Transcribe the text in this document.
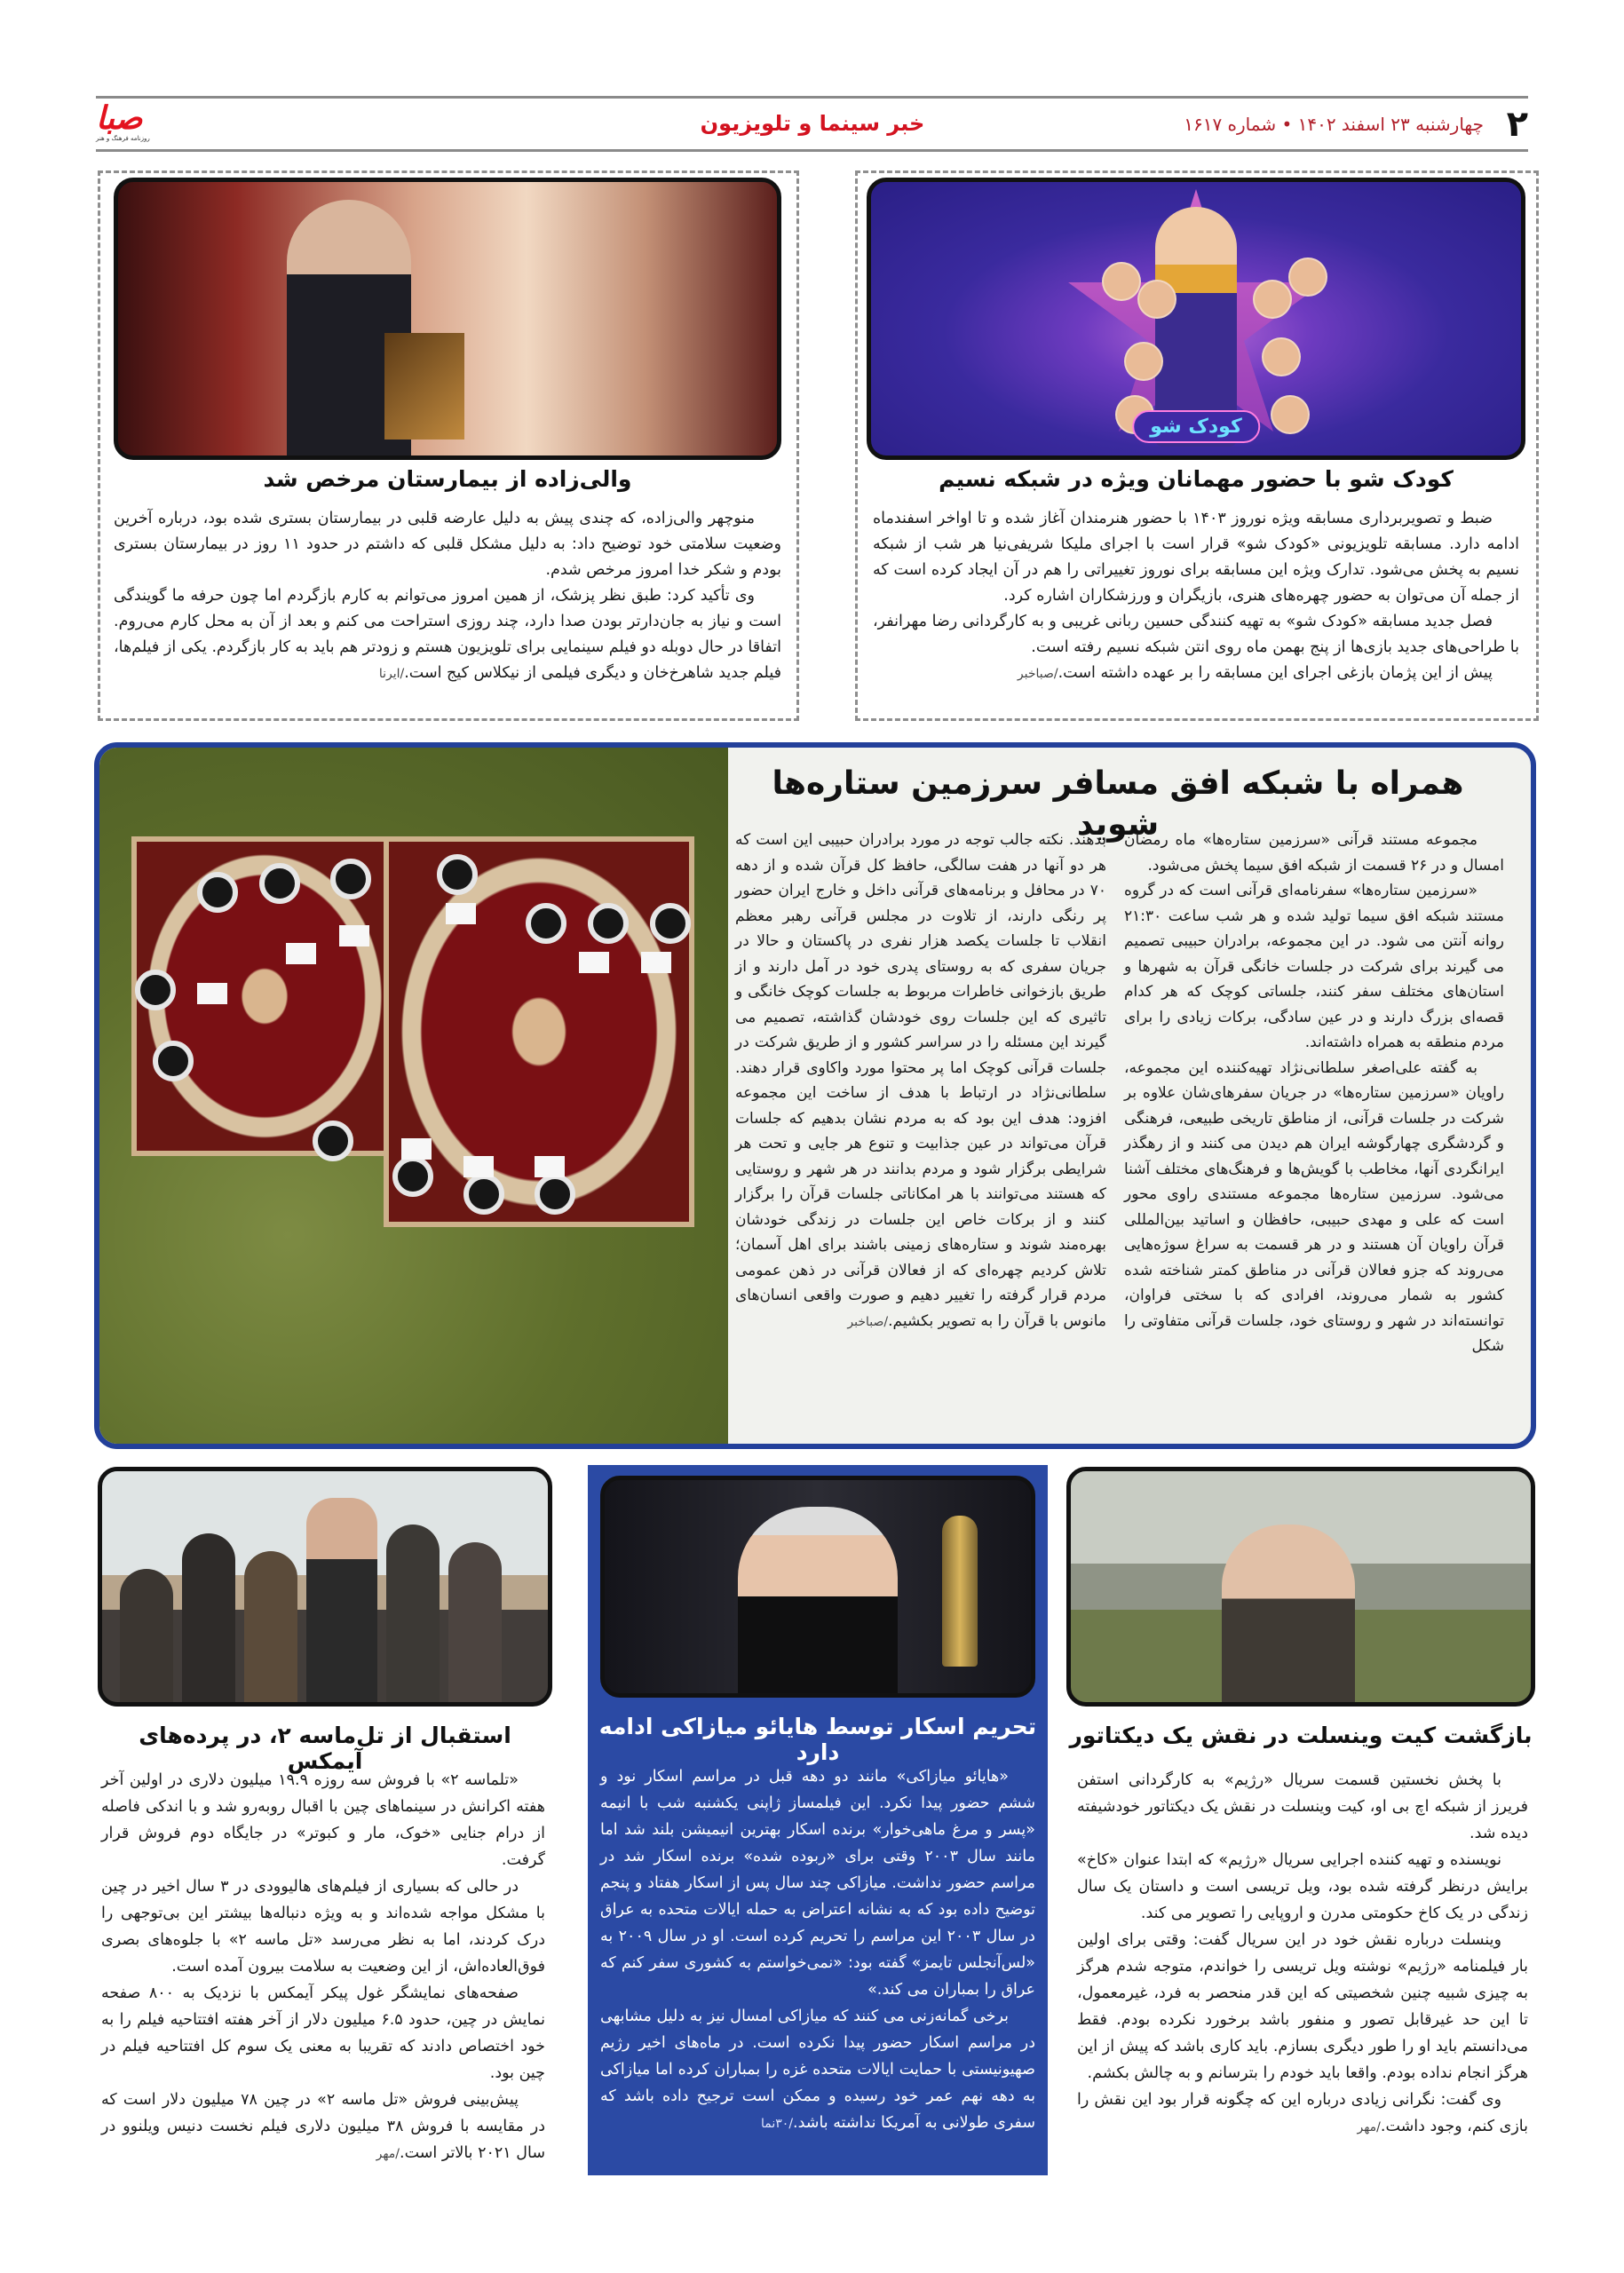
۲
چهارشنبه ۲۳ اسفند ۱۴۰۲ • شماره ۱۶۱۷
خبر سینما و تلویزیون
صبا
روزنامه فرهنگ و هنر
کودک شو
کودک شو با حضور مهمانان ویژه در شبکه نسیم

ضبط و تصویربرداری مسابقه ویژه نوروز ۱۴۰۳ با حضور هنرمندان آغاز شده و تا اواخر اسفندماه ادامه دارد. مسابقه تلویزیونی «کودک شو» قرار است با اجرای ملیکا شریفی‌نیا هر شب از شبکه نسیم به پخش می‌شود. تدارک ویژه این مسابقه برای نوروز تغییراتی را هم در آن ایجاد کرده است که از جمله آن می‌توان به حضور چهره‌های هنری، بازیگران و ورزشکاران اشاره کرد.

فصل جدید مسابقه «کودک شو» به تهیه کنندگی حسین ربانی غریبی و به کارگردانی رضا مهرانفر، با طراحی‌های جدید بازی‌ها از پنج بهمن ماه روی انتن شبکه نسیم رفته است.

پیش از این پژمان بازغی اجرای این مسابقه را بر عهده داشته است./صباخبر

والی‌زاده از بیمارستان مرخص شد

منوچهر والی‌زاده، که چندی پیش به دلیل عارضه قلبی در بیمارستان بستری شده بود، درباره آخرین وضعیت سلامتی خود توضیح داد: به دلیل مشکل قلبی که داشتم در حدود ۱۱ روز در بیمارستان بستری بودم و شکر خدا امروز مرخص شدم.

وی تأکید کرد: طبق نظر پزشک، از همین امروز می‌توانم به کارم بازگردم اما چون حرفه ما گویندگی است و نیاز به جان‌دارتر بودن صدا دارد، چند روزی استراحت می کنم و بعد از آن به محل کارم می‌روم. اتفاقا در حال دوبله دو فیلم سینمایی برای تلویزیون هستم و زودتر هم باید به کار بازگردم. یکی از فیلم‌ها، فیلم جدید شاهرخ‌خان و دیگری فیلمی از نیکلاس کیج است./ایرنا

همراه با شبکه افق مسافر سرزمین ستاره‌ها شوید

مجموعه مستند قرآنی «سرزمین ستاره‌ها» ماه رمضان امسال و در ۲۶ قسمت از شبکه افق سیما پخش می‌شود.

«سرزمین ستاره‌ها» سفرنامه‌ای قرآنی است که در گروه مستند شبکه افق سیما تولید شده و هر شب ساعت ۲۱:۳۰ روانه آنتن می شود. در این مجموعه، برادران حبیبی تصمیم می گیرند برای شرکت در جلسات خانگی قرآن به شهرها و استان‌های مختلف سفر کنند، جلساتی کوچک که هر کدام قصه‌ای بزرگ دارند و در عین سادگی، برکات زیادی را برای مردم منطقه به همراه داشته‌اند.

به گفته علی‌اصغر سلطانی‌نژاد تهیه‌کننده این مجموعه، راویان «سرزمین ستاره‌ها» در جریان سفرهای‌شان علاوه بر شرکت در جلسات قرآنی، از مناطق تاریخی طبیعی، فرهنگی و گردشگری چهارگوشه ایران هم دیدن می کنند و از رهگذر ایرانگردی آنها، مخاطب با گویش‌ها و فرهنگ‌های مختلف آشنا می‌شود. سرزمین ستاره‌ها مجموعه مستندی راوی محور است که علی و مهدی حبیبی، حافظان و اساتید بین‌المللی قرآن راویان آن هستند و در هر قسمت به سراغ سوژه‌هایی می‌روند که جزو فعالان قرآنی در مناطق کمتر شناخته شده کشور به شمار می‌روند، افرادی که با سختی فراوان، توانسته‌اند در شهر و روستای خود، جلسات قرآنی متفاوتی را شکل

بدهند. نکته جالب توجه در مورد برادران حبیبی این است که هر دو آنها در هفت سالگی، حافظ کل قرآن شده و از دهه ۷۰ در محافل و برنامه‌های قرآنی داخل و خارج ایران حضور پر رنگی دارند، از تلاوت در مجلس قرآنی رهبر معظم انقلاب تا جلسات یکصد هزار نفری در پاکستان و حالا در جریان سفری که به روستای پدری خود در آمل دارند و از طریق بازخوانی خاطرات مربوط به جلسات کوچک خانگی و تاثیری که این جلسات روی خودشان گذاشته، تصمیم می گیرند این مسئله را در سراسر کشور و از طریق شرکت در جلسات قرآنی کوچک اما پر محتوا مورد واکاوی قرار دهند. سلطانی‌نژاد در ارتباط با هدف از ساخت این مجموعه افزود: هدف این بود که به مردم نشان بدهیم که جلسات قرآن می‌تواند در عین جذابیت و تنوع هر جایی و تحت هر شرایطی برگزار شود و مردم بدانند در هر شهر و روستایی که هستند می‌توانند با هر امکاناتی جلسات قرآن را برگزار کنند و از برکات خاص این جلسات در زندگی خودشان بهره‌مند شوند و ستاره‌های زمینی باشند برای اهل آسمان؛ تلاش کردیم چهره‌ای که از فعالان قرآنی در ذهن عمومی مردم قرار گرفته را تغییر دهیم و صورت واقعی انسان‌های مانوس با قرآن را به تصویر بکشیم./صباخبر

بازگشت کیت وینسلت در نقش یک دیکتاتور

با پخش نخستین قسمت سریال «رژیم» به کارگردانی استفن فریرز از شبکه اچ بی او، کیت وینسلت در نقش یک دیکتاتور خودشیفته دیده شد.

نویسنده و تهیه کننده اجرایی سریال «رژیم» که ابتدا عنوان «کاخ» برایش درنظر گرفته شده بود، ویل تریسی است و داستان یک سال زندگی در یک کاخ حکومتی مدرن و اروپایی را تصویر می کند.

وینسلت درباره نقش خود در این سریال گفت: وقتی برای اولین بار فیلمنامه «رژیم» نوشته ویل تریسی را خواندم، متوجه شدم هرگز به چیزی شبیه چنین شخصیتی که این قدر منحصر به فرد، غیرمعمول، تا این حد غیرقابل تصور و منفور باشد برخورد نکرده بودم. فقط می‌دانستم باید او را طور دیگری بسازم. باید کاری باشد که پیش از این هرگز انجام نداده بودم. واقعا باید خودم را بترسانم و به چالش بکشم.

وی گفت: نگرانی زیادی درباره این که چگونه قرار بود این نقش را بازی کنم، وجود داشت./مهر

تحریم اسکار توسط هایائو میازاکی ادامه دارد

«هایائو میازاکی» مانند دو دهه قبل در مراسم اسکار نود و ششم حضور پیدا نکرد. این فیلمساز ژاپنی یکشنبه شب با انیمه «پسر و مرغ ماهی‌خوار» برنده اسکار بهترین انیمیشن بلند شد اما مانند سال ۲۰۰۳ وقتی برای «ربوده شده» برنده اسکار شد در مراسم حضور نداشت. میازاکی چند سال پس از اسکار هفتاد و پنجم توضیح داده بود که به نشانه اعتراض به حمله ایالات متحده به عراق در سال ۲۰۰۳ این مراسم را تحریم کرده است. او در سال ۲۰۰۹ به «لس‌آنجلس تایمز» گفته بود: «نمی‌خواستم به کشوری سفر کنم که عراق را بمباران می کند.»

برخی گمانه‌زنی می کنند که میازاکی امسال نیز به دلیل مشابهی در مراسم اسکار حضور پیدا نکرده است. در ماه‌های اخیر رژیم صهیونیستی با حمایت ایالات متحده غزه را بمباران کرده اما میازاکی به دهه نهم عمر خود رسیده و ممکن است ترجیح داده باشد که سفری طولانی به آمریکا نداشته باشد./۳۰نما

استقبال از تل‌ماسه ۲، در پرده‌های آیمکس

«تلماسه ۲» با فروش سه روزه ۱۹.۹ میلیون دلاری در اولین آخر هفته اکرانش در سینماهای چین با اقبال روبه‌رو شد و با اندکی فاصله از درام جنایی «خوک، مار و کبوتر» در جایگاه دوم فروش قرار گرفت.

در حالی که بسیاری از فیلم‌های هالیوودی در ۳ سال اخیر در چین با مشکل مواجه شده‌اند و به ویژه دنباله‌ها بیشتر این بی‌توجهی را درک کردند، اما به نظر می‌رسد «تل ماسه ۲» با جلوه‌های بصری فوق‌العاده‌اش، از این وضعیت به سلامت بیرون آمده است.

صفحه‌های نمایشگر غول پیکر آیمکس با نزدیک به ۸۰۰ صفحه نمایش در چین، حدود ۶.۵ میلیون دلار از آخر هفته افتتاحیه فیلم را به خود اختصاص دادند که تقریبا به معنی یک سوم کل افتتاحیه فیلم در چین بود.

پیش‌بینی فروش «تل ماسه ۲» در چین ۷۸ میلیون دلار است که در مقایسه با فروش ۳۸ میلیون دلاری فیلم نخست دنیس ویلنوو در سال ۲۰۲۱ بالاتر است./مهر
